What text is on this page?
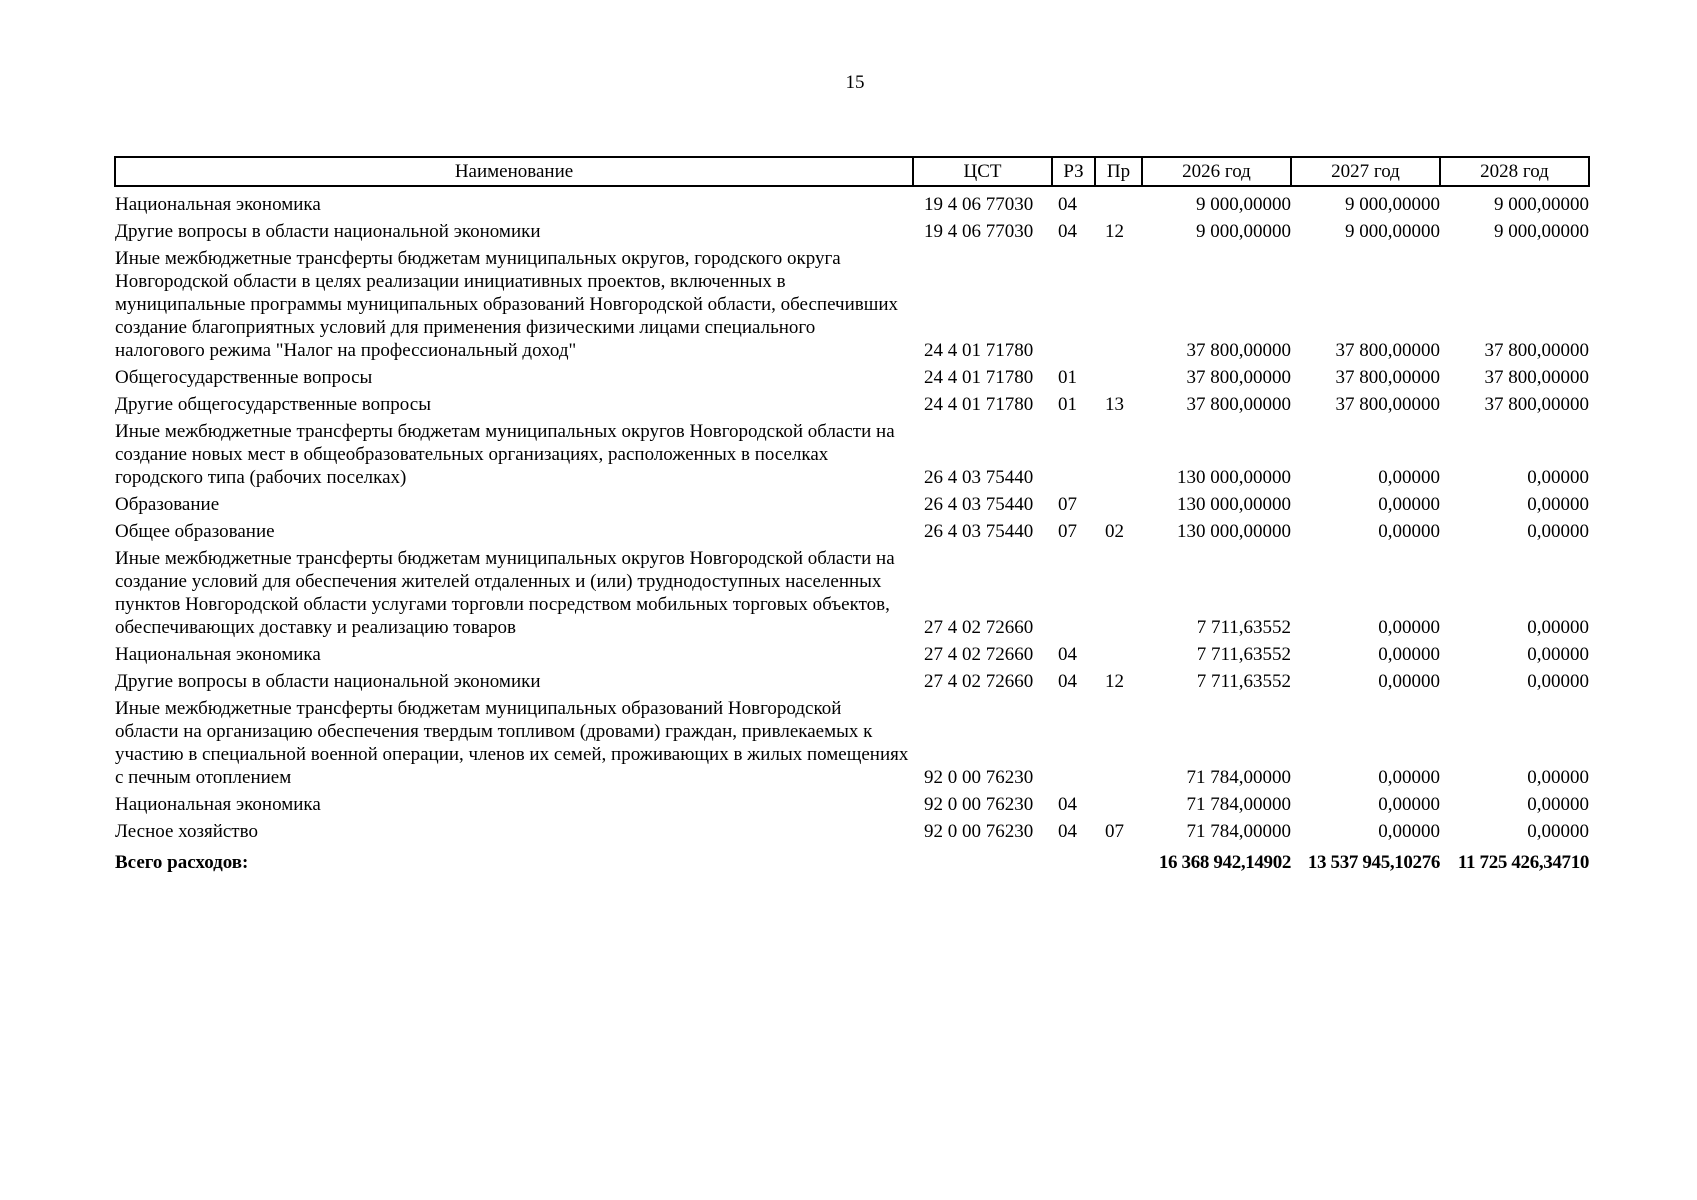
15
Наименование	ЦСТ	РЗ	Пр	2026 год	2027 год	2028 год
Национальная экономика	19 4 06 77030	04		9 000,00000	9 000,00000	9 000,00000
Другие вопросы в области национальной экономики	19 4 06 77030	04	12	9 000,00000	9 000,00000	9 000,00000
Иные межбюджетные трансферты бюджетам муниципальных округов, городского округа Новгородской области в целях реализации инициативных проектов, включенных в муниципальные программы муниципальных образований Новгородской области, обеспечивших создание благоприятных условий для применения физическими лицами специального налогового режима "Налог на профессиональный доход"	24 4 01 71780			37 800,00000	37 800,00000	37 800,00000
Общегосударственные вопросы	24 4 01 71780	01		37 800,00000	37 800,00000	37 800,00000
Другие общегосударственные вопросы	24 4 01 71780	01	13	37 800,00000	37 800,00000	37 800,00000
Иные межбюджетные трансферты бюджетам муниципальных округов Новгородской области на создание новых мест в общеобразовательных организациях, расположенных в поселках городского типа (рабочих поселках)	26 4 03 75440			130 000,00000	0,00000	0,00000
Образование	26 4 03 75440	07		130 000,00000	0,00000	0,00000
Общее образование	26 4 03 75440	07	02	130 000,00000	0,00000	0,00000
Иные межбюджетные трансферты бюджетам муниципальных округов Новгородской области на создание условий для обеспечения жителей отдаленных и (или) труднодоступных населенных пунктов Новгородской области услугами торговли посредством мобильных торговых объектов, обеспечивающих доставку и реализацию товаров	27 4 02 72660			7 711,63552	0,00000	0,00000
Национальная экономика	27 4 02 72660	04		7 711,63552	0,00000	0,00000
Другие вопросы в области национальной экономики	27 4 02 72660	04	12	7 711,63552	0,00000	0,00000
Иные межбюджетные трансферты бюджетам муниципальных образований Новгородской области на организацию обеспечения твердым топливом (дровами) граждан, привлекаемых к участию в специальной военной операции, членов их семей, проживающих в жилых помещениях с печным отоплением	92 0 00 76230			71 784,00000	0,00000	0,00000
Национальная экономика	92 0 00 76230	04		71 784,00000	0,00000	0,00000
Лесное хозяйство	92 0 00 76230	04	07	71 784,00000	0,00000	0,00000
Всего расходов:				16 368 942,14902	13 537 945,10276	11 725 426,34710
